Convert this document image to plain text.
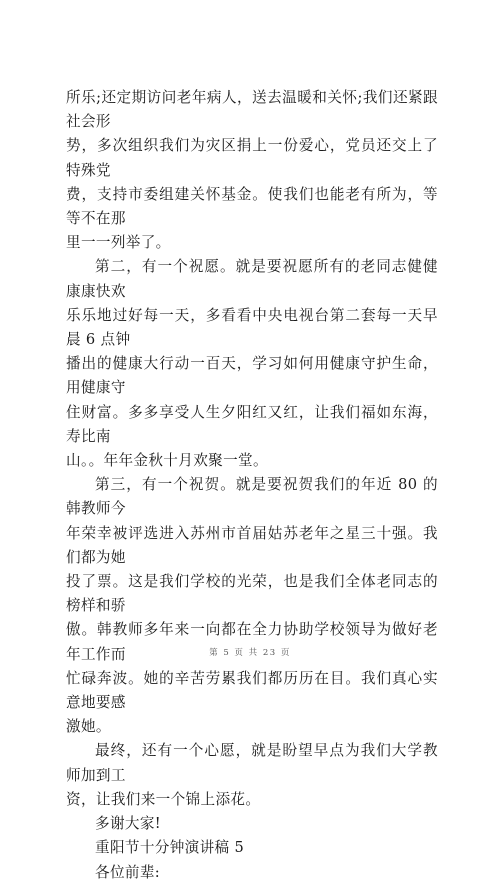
所乐;还定期访问老年病人，送去温暖和关怀;我们还紧跟社会形
势，多次组织我们为灾区捐上一份爱心，党员还交上了特殊党
费，支持市委组建关怀基金。使我们也能老有所为，等等不在那
里一一列举了。

第二，有一个祝愿。就是要祝愿所有的老同志健健康康快欢
乐乐地过好每一天，多看看中央电视台第二套每一天早晨 6 点钟
播出的健康大行动一百天，学习如何用健康守护生命，用健康守
住财富。多多享受人生夕阳红又红，让我们福如东海，寿比南
山。。年年金秋十月欢聚一堂。

第三，有一个祝贺。就是要祝贺我们的年近 80 的韩教师今
年荣幸被评选进入苏州市首届姑苏老年之星三十强。我们都为她
投了票。这是我们学校的光荣，也是我们全体老同志的榜样和骄
傲。韩教师多年来一向都在全力协助学校领导为做好老年工作而
忙碌奔波。她的辛苦劳累我们都历历在目。我们真心实意地要感
激她。

最终，还有一个心愿，就是盼望早点为我们大学教师加到工
资，让我们来一个锦上添花。

多谢大家!

重阳节十分钟演讲稿 5

各位前辈:

第 5 页 共 23 页
